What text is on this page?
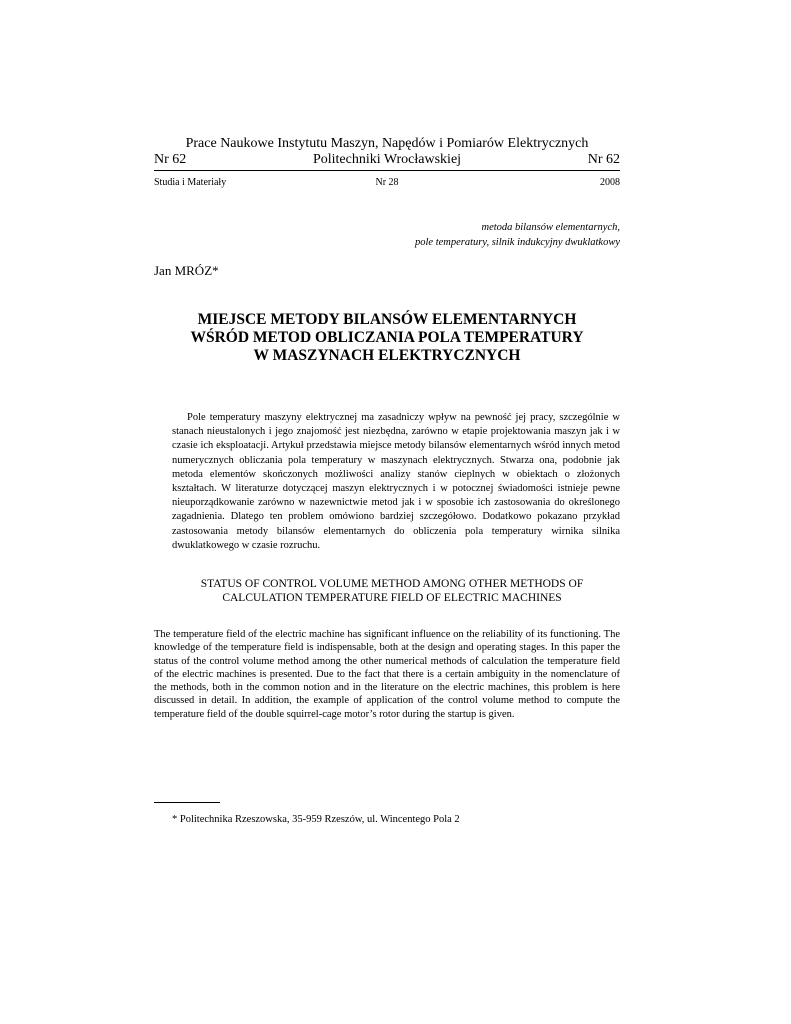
Prace Naukowe Instytutu Maszyn, Napędów i Pomiarów Elektrycznych
Politechniki Wrocławskiej
Nr 62	Nr 62
Nr 28
Studia i Materiały	2008
metoda bilansów elementarnych,
pole temperatury, silnik indukcyjny dwuklatkowy
Jan MRÓZ*
MIEJSCE METODY BILANSÓW ELEMENTARNYCH
WŚRÓD METOD OBLICZANIA POLA TEMPERATURY
W MASZYNACH ELEKTRYCZNYCH

Pole temperatury maszyny elektrycznej ma zasadniczy wpływ na pewność jej pracy, szczególnie w stanach nieustalonych i jego znajomość jest niezbędna, zarówno w etapie projektowania maszyn jak i w czasie ich eksploatacji. Artykuł przedstawia miejsce metody bilansów elementarnych wśród innych metod numerycznych obliczania pola temperatury w maszynach elektrycznych. Stwarza ona, podobnie jak metoda elementów skończonych możliwości analizy stanów cieplnych w obiektach o złożonych kształtach. W literaturze dotyczącej maszyn elektrycznych i w potocznej świadomości istnieje pewne nieuporządkowanie zarówno w nazewnictwie metod jak i w sposobie ich zastosowania do określonego zagadnienia. Dlatego ten problem omówiono bardziej szczegółowo. Dodatkowo pokazano przykład zastosowania metody bilansów elementarnych do obliczenia pola temperatury wirnika silnika dwuklatkowego w czasie rozruchu.

STATUS OF CONTROL VOLUME METHOD AMONG OTHER METHODS OF
CALCULATION TEMPERATURE FIELD OF ELECTRIC MACHINES

The temperature field of the electric machine has significant influence on the reliability of its functioning. The knowledge of the temperature field is indispensable, both at the design and operating stages. In this paper the status of the control volume method among the other numerical methods of calculation the temperature field of the electric machines is presented. Due to the fact that there is a certain ambiguity in the nomenclature of the methods, both in the common notion and in the literature on the electric machines, this problem is here discussed in detail. In addition, the example of application of the control volume method to compute the temperature field of the double squirrel-cage motor’s rotor during the startup is given.

* Politechnika Rzeszowska, 35-959 Rzeszów, ul. Wincentego Pola 2
